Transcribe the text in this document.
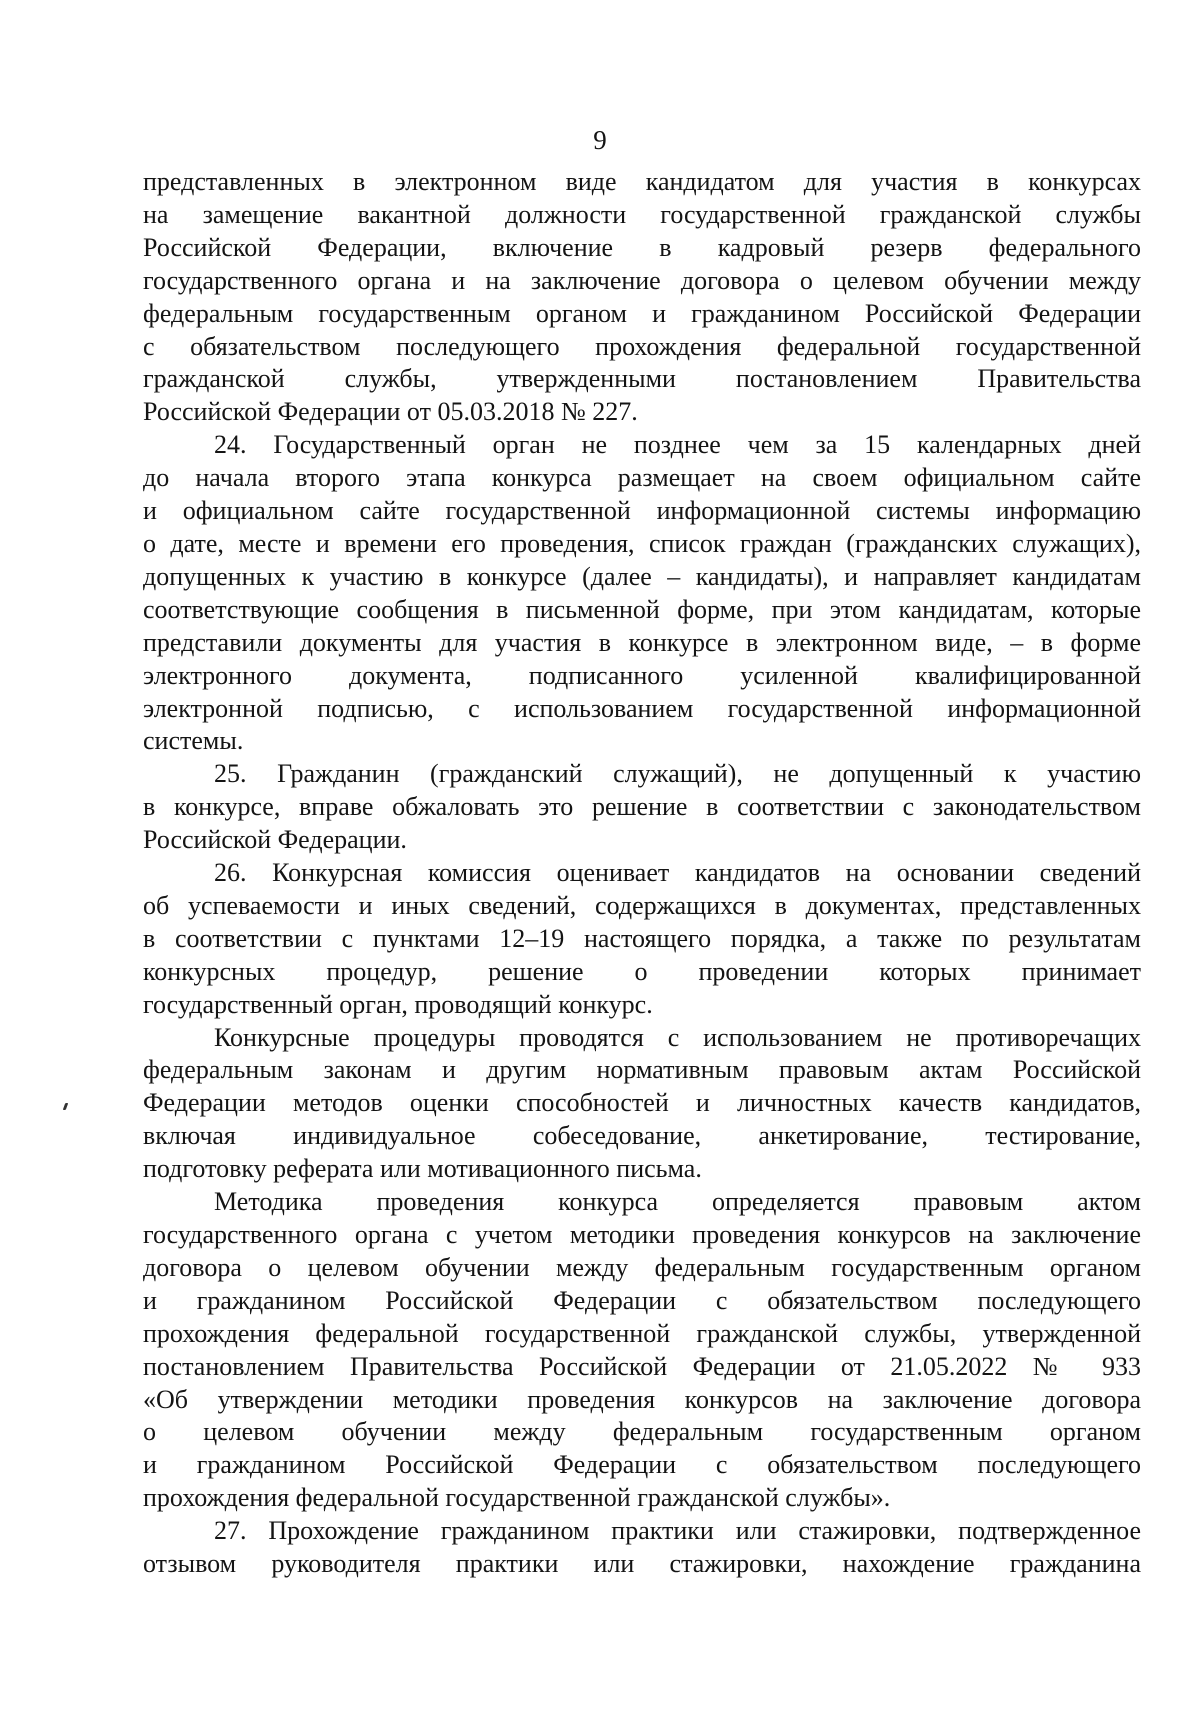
9

представленных в электронном виде кандидатом для участия в конкурсах
на замещение вакантной должности государственной гражданской службы
Российской Федерации, включение в кадровый резерв федерального
государственного органа и на заключение договора о целевом обучении между
федеральным государственным органом и гражданином Российской Федерации
с обязательством последующего прохождения федеральной государственной
гражданской службы, утвержденными постановлением Правительства
Российской Федерации от 05.03.2018 № 227.

24. Государственный орган не позднее чем за 15 календарных дней
до начала второго этапа конкурса размещает на своем официальном сайте
и официальном сайте государственной информационной системы информацию
о дате, месте и времени его проведения, список граждан (гражданских служащих),
допущенных к участию в конкурсе (далее – кандидаты), и направляет кандидатам
соответствующие сообщения в письменной форме, при этом кандидатам, которые
представили документы для участия в конкурсе в электронном виде, – в форме
электронного документа, подписанного усиленной квалифицированной
электронной подписью, с использованием государственной информационной
системы.

25. Гражданин (гражданский служащий), не допущенный к участию
в конкурсе, вправе обжаловать это решение в соответствии с законодательством
Российской Федерации.

26. Конкурсная комиссия оценивает кандидатов на основании сведений
об успеваемости и иных сведений, содержащихся в документах, представленных
в соответствии с пунктами 12–19 настоящего порядка, а также по результатам
конкурсных процедур, решение о проведении которых принимает
государственный орган, проводящий конкурс.

Конкурсные процедуры проводятся с использованием не противоречащих
федеральным законам и другим нормативным правовым актам Российской
Федерации методов оценки способностей и личностных качеств кандидатов,
включая индивидуальное собеседование, анкетирование, тестирование,
подготовку реферата или мотивационного письма.

Методика проведения конкурса определяется правовым актом
государственного органа с учетом методики проведения конкурсов на заключение
договора о целевом обучении между федеральным государственным органом
и гражданином Российской Федерации с обязательством последующего
прохождения федеральной государственной гражданской службы, утвержденной
постановлением Правительства Российской Федерации от 21.05.2022 № 933
«Об утверждении методики проведения конкурсов на заключение договора
о целевом обучении между федеральным государственным органом
и гражданином Российской Федерации с обязательством последующего
прохождения федеральной государственной гражданской службы».

27. Прохождение гражданином практики или стажировки, подтвержденное
отзывом руководителя практики или стажировки, нахождение гражданина
